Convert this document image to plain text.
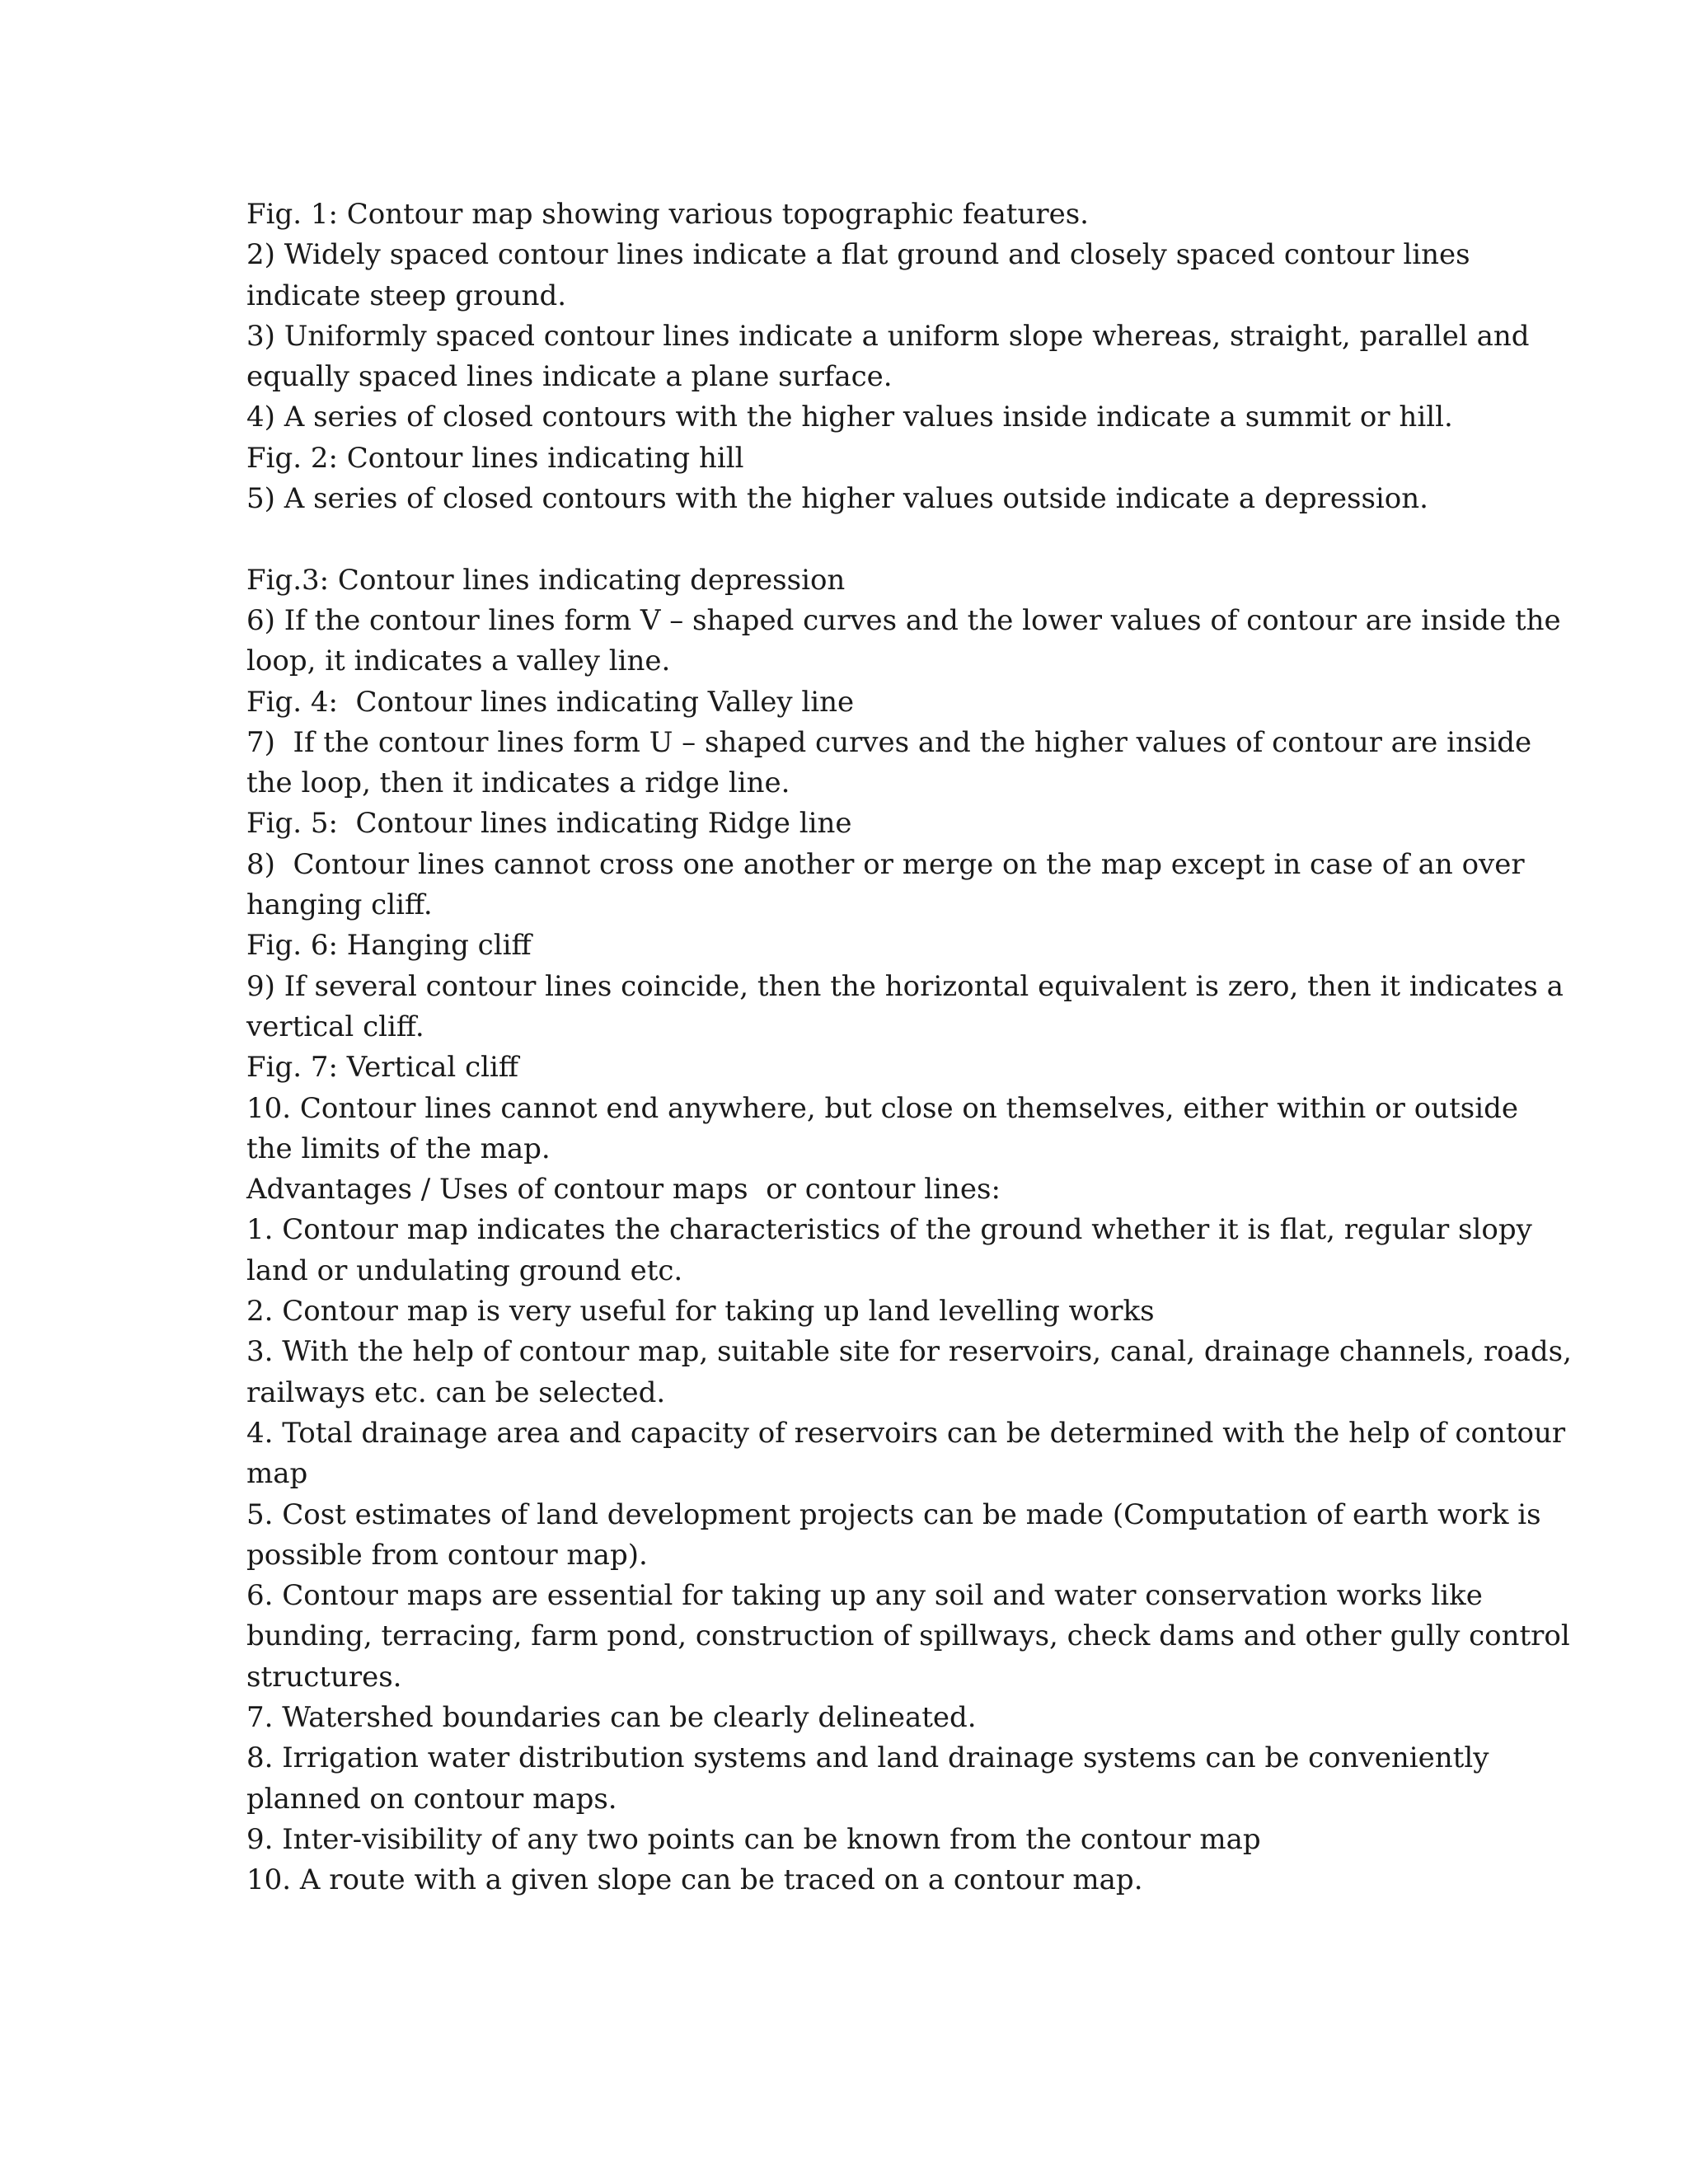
Fig. 1: Contour map showing various topographic features.
2) Widely spaced contour lines indicate a flat ground and closely spaced contour lines
indicate steep ground.
3) Uniformly spaced contour lines indicate a uniform slope whereas, straight, parallel and
equally spaced lines indicate a plane surface.
4) A series of closed contours with the higher values inside indicate a summit or hill.
Fig. 2: Contour lines indicating hill
5) A series of closed contours with the higher values outside indicate a depression.
Fig.3: Contour lines indicating depression
6) If the contour lines form V – shaped curves and the lower values of contour are inside the
loop, it indicates a valley line.
Fig. 4:  Contour lines indicating Valley line
7)  If the contour lines form U – shaped curves and the higher values of contour are inside
the loop, then it indicates a ridge line.
Fig. 5:  Contour lines indicating Ridge line
8)  Contour lines cannot cross one another or merge on the map except in case of an over
hanging cliff.
Fig. 6: Hanging cliff
9) If several contour lines coincide, then the horizontal equivalent is zero, then it indicates a
vertical cliff.
Fig. 7: Vertical cliff
10. Contour lines cannot end anywhere, but close on themselves, either within or outside
the limits of the map.
Advantages / Uses of contour maps  or contour lines:
1. Contour map indicates the characteristics of the ground whether it is flat, regular slopy
land or undulating ground etc.
2. Contour map is very useful for taking up land levelling works
3. With the help of contour map, suitable site for reservoirs, canal, drainage channels, roads,
railways etc. can be selected.
4. Total drainage area and capacity of reservoirs can be determined with the help of contour
map
5. Cost estimates of land development projects can be made (Computation of earth work is
possible from contour map).
6. Contour maps are essential for taking up any soil and water conservation works like
bunding, terracing, farm pond, construction of spillways, check dams and other gully control
structures.
7. Watershed boundaries can be clearly delineated.
8. Irrigation water distribution systems and land drainage systems can be conveniently
planned on contour maps.
9. Inter-visibility of any two points can be known from the contour map
10. A route with a given slope can be traced on a contour map.
